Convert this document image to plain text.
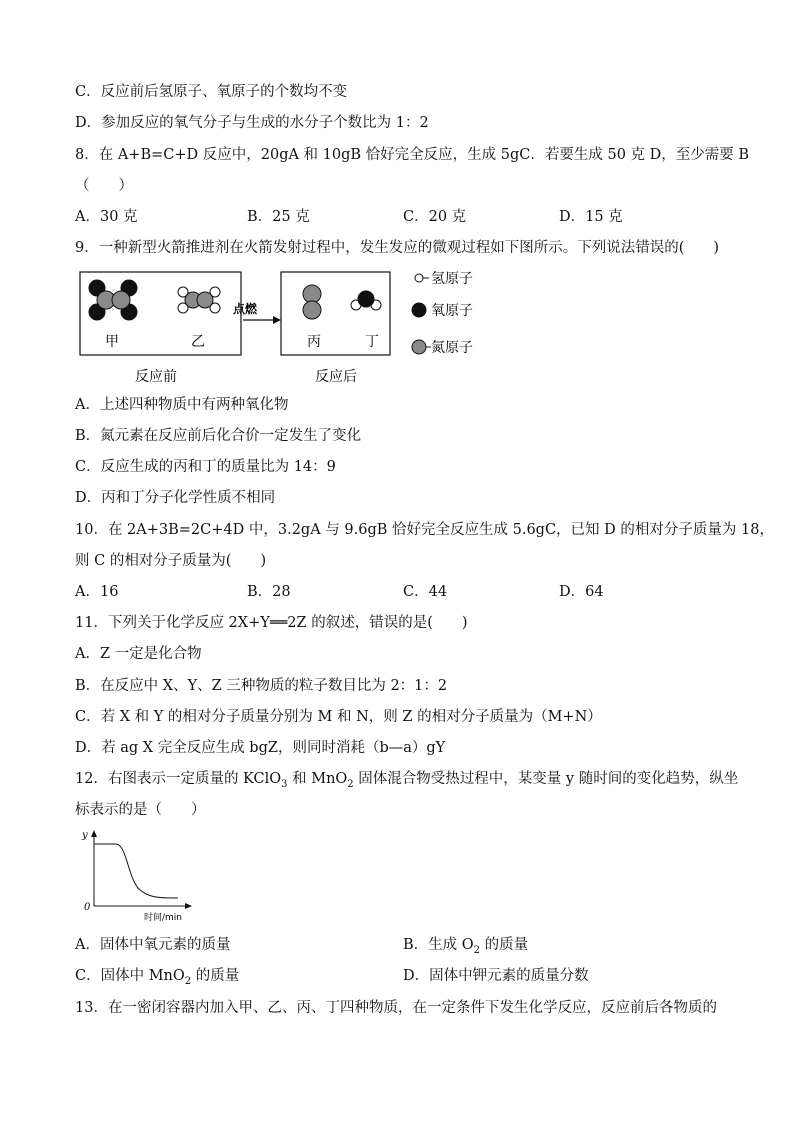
C．反应前后氢原子、氧原子的个数均不变
D．参加反应的氧气分子与生成的水分子个数比为 1：2
8．在 A+B=C+D 反应中，20gA 和 10gB 恰好完全反应，生成 5gC．若要生成 50 克 D，至少需要 B
（　　）
A．30 克	B．25 克	C．20 克	D．15 克
9．一种新型火箭推进剂在火箭发射过程中，发生发应的微观过程如下图所示。下列说法错误的(　　)
甲	乙
点燃
丙	丁
反应前	反应后
氢原子
氧原子
氮原子
A．上述四种物质中有两种氧化物
B．氮元素在反应前后化合价一定发生了变化
C．反应生成的丙和丁的质量比为 14：9
D．丙和丁分子化学性质不相同
10．在 2A+3B=2C+4D 中，3.2gA 与 9.6gB 恰好完全反应生成 5.6gC，已知 D 的相对分子质量为 18，
则 C 的相对分子质量为(　　)
A．16	B．28	C．44	D．64
11．下列关于化学反应 2X+Y══2Z 的叙述，错误的是(　　)
A．Z 一定是化合物
B．在反应中 X、Y、Z 三种物质的粒子数目比为 2：1：2
C．若 X 和 Y 的相对分子质量分别为 M 和 N，则 Z 的相对分子质量为（M+N）
D．若 ag X 完全反应生成 bgZ，则同时消耗（b—a）gY
12．右图表示一定质量的 KClO$_3$ 和 MnO$_2$ 固体混合物受热过程中，某变量 y 随时间的变化趋势，纵坐
标表示的是（　　）
y
0
时间/min
A．固体中氧元素的质量	B．生成 $O_2$ 的质量
C．固体中 MnO$_2$ 的质量	D．固体中钾元素的质量分数
13．在一密闭容器内加入甲、乙、丙、丁四种物质，在一定条件下发生化学反应，反应前后各物质的
